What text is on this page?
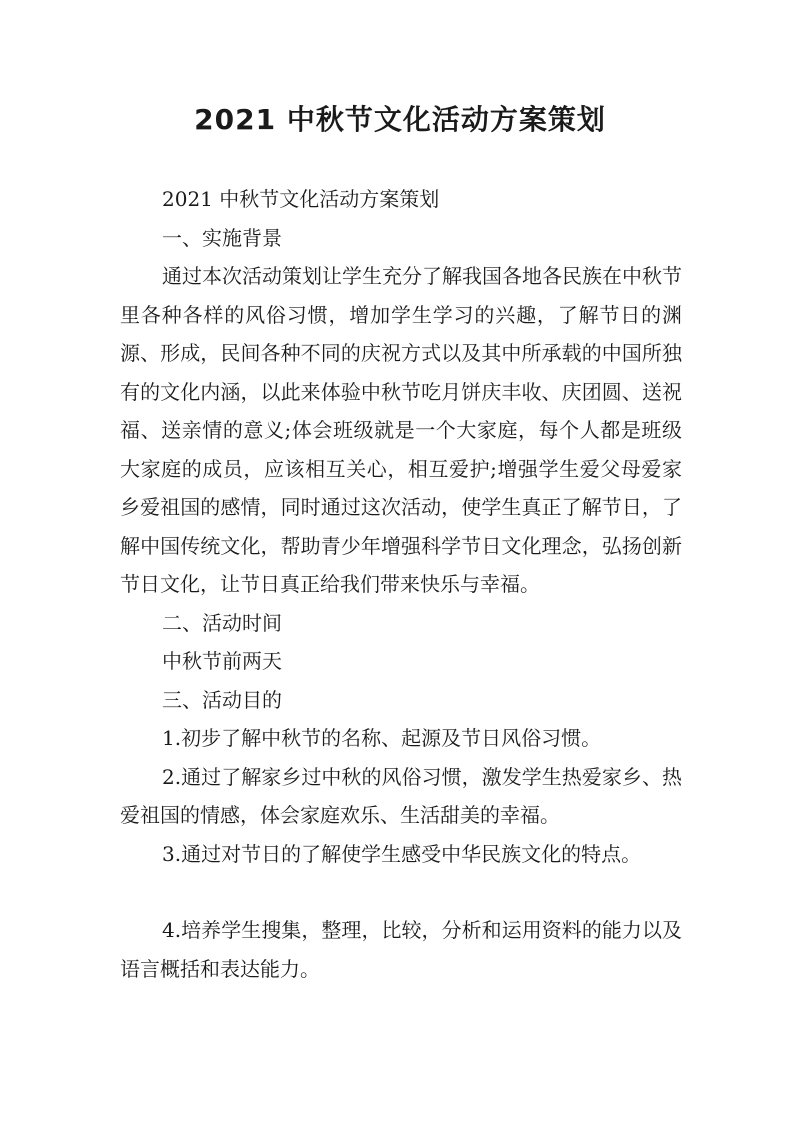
2021 中秋节文化活动方案策划

2021 中秋节文化活动方案策划

一、实施背景

通过本次活动策划让学生充分了解我国各地各民族在中秋节里各种各样的风俗习惯，增加学生学习的兴趣，了解节日的渊源、形成，民间各种不同的庆祝方式以及其中所承载的中国所独有的文化内涵，以此来体验中秋节吃月饼庆丰收、庆团圆、送祝福、送亲情的意义;体会班级就是一个大家庭，每个人都是班级大家庭的成员，应该相互关心，相互爱护;增强学生爱父母爱家乡爱祖国的感情，同时通过这次活动，使学生真正了解节日，了解中国传统文化，帮助青少年增强科学节日文化理念，弘扬创新节日文化，让节日真正给我们带来快乐与幸福。

二、活动时间

中秋节前两天

三、活动目的

1.初步了解中秋节的名称、起源及节日风俗习惯。

2.通过了解家乡过中秋的风俗习惯，激发学生热爱家乡、热爱祖国的情感，体会家庭欢乐、生活甜美的幸福。

3.通过对节日的了解使学生感受中华民族文化的特点。

4.培养学生搜集，整理，比较，分析和运用资料的能力以及语言概括和表达能力。
